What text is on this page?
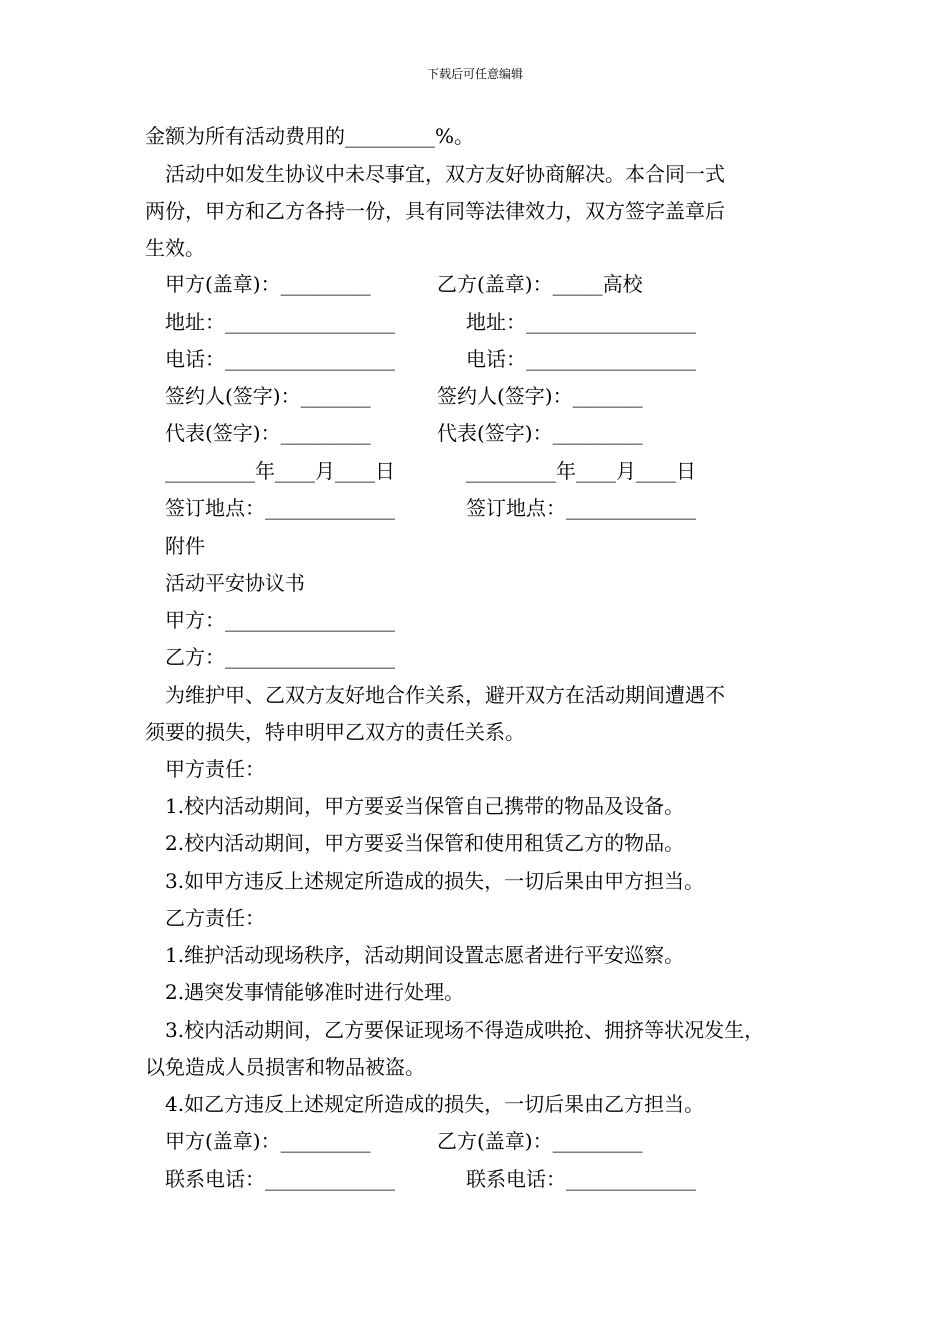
下载后可任意编辑
金额为所有活动费用的_________%。
活动中如发生协议中未尽事宜，双方友好协商解决。本合同一式
两份，甲方和乙方各持一份，具有同等法律效力，双方签字盖章后
生效。
甲方(盖章)：_________	乙方(盖章)：_____高校
地址：_________________	地址：_________________
电话：_________________	电话：_________________
签约人(签字)：_______	签约人(签字)：_______
代表(签字)：_________	代表(签字)：_________
_________年____月____日	_________年____月____日
签订地点：_____________	签订地点：_____________
附件
活动平安协议书
甲方：_________________
乙方：_________________
为维护甲、乙双方友好地合作关系，避开双方在活动期间遭遇不
须要的损失，特申明甲乙双方的责任关系。
甲方责任：
1.校内活动期间，甲方要妥当保管自己携带的物品及设备。
2.校内活动期间，甲方要妥当保管和使用租赁乙方的物品。
3.如甲方违反上述规定所造成的损失，一切后果由甲方担当。
乙方责任：
1.维护活动现场秩序，活动期间设置志愿者进行平安巡察。
2.遇突发事情能够准时进行处理。
3.校内活动期间，乙方要保证现场不得造成哄抢、拥挤等状况发生，
以免造成人员损害和物品被盗。
4.如乙方违反上述规定所造成的损失，一切后果由乙方担当。
甲方(盖章)：_________	乙方(盖章)：_________
联系电话：_____________	联系电话：_____________
